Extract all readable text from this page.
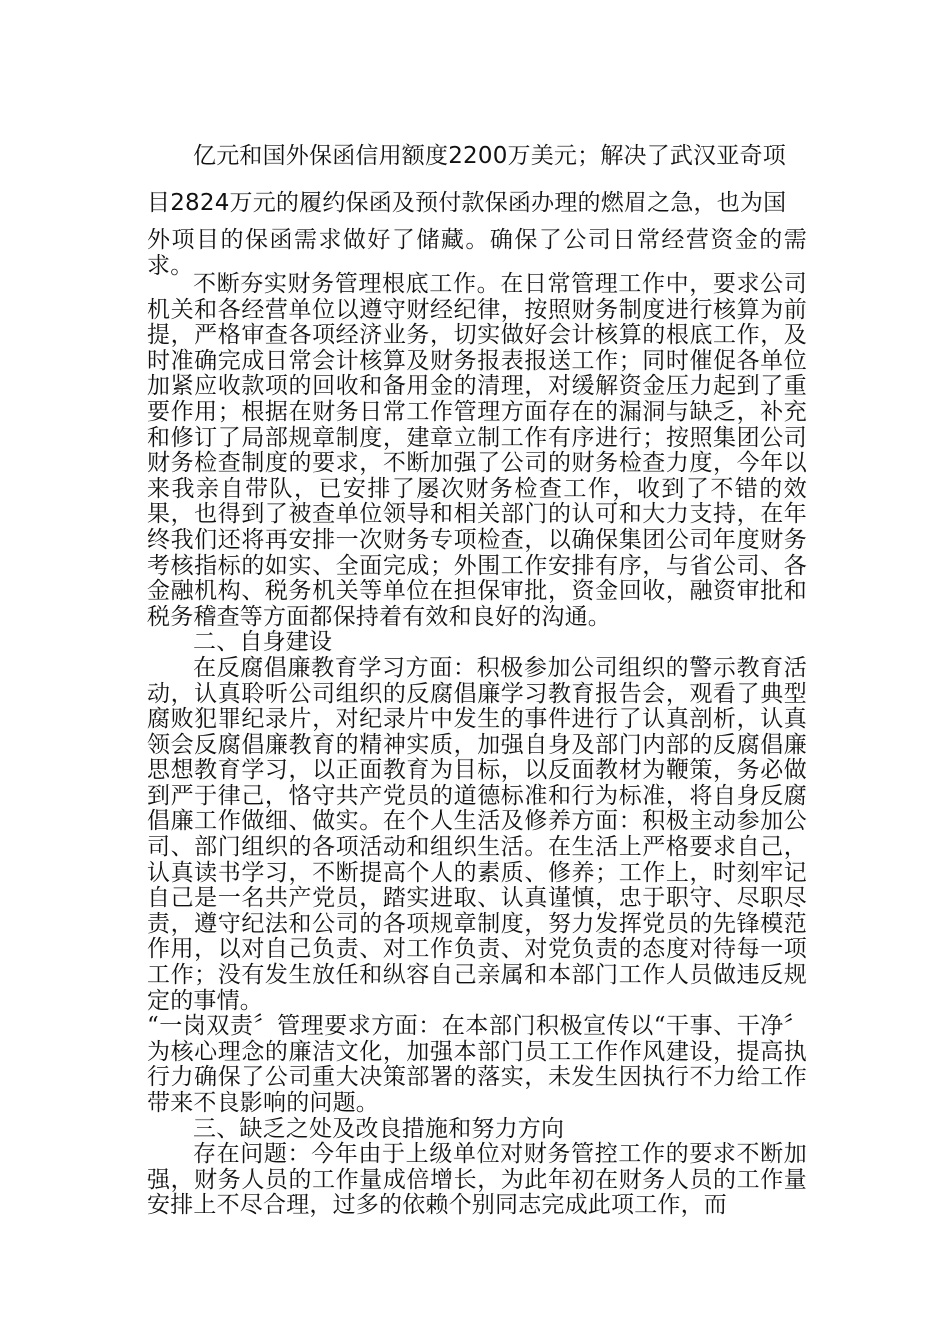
亿元和国外保函信用额度2200万美元；解决了武汉亚奇项
目2824万元的履约保函及预付款保函办理的燃眉之急，也为国
外项目的保函需求做好了储藏。确保了公司日常经营资金的需求。

不断夯实财务管理根底工作。在日常管理工作中，要求公司机关和各经营单位以遵守财经纪律，按照财务制度进行核算为前提，严格审查各项经济业务，切实做好会计核算的根底工作，及时准确完成日常会计核算及财务报表报送工作；同时催促各单位加紧应收款项的回收和备用金的清理，对缓解资金压力起到了重要作用；根据在财务日常工作管理方面存在的漏洞与缺乏，补充和修订了局部规章制度，建章立制工作有序进行；按照集团公司财务检查制度的要求，不断加强了公司的财务检查力度，今年以来我亲自带队，已安排了屡次财务检查工作，收到了不错的效果，也得到了被查单位领导和相关部门的认可和大力支持，在年终我们还将再安排一次财务专项检查，以确保集团公司年度财务考核指标的如实、全面完成；外围工作安排有序，与省公司、各金融机构、税务机关等单位在担保审批，资金回收，融资审批和税务稽查等方面都保持着有效和良好的沟通。

二、自身建设

在反腐倡廉教育学习方面：积极参加公司组织的警示教育活动，认真聆听公司组织的反腐倡廉学习教育报告会，观看了典型腐败犯罪纪录片，对纪录片中发生的事件进行了认真剖析，认真领会反腐倡廉教育的精神实质，加强自身及部门内部的反腐倡廉思想教育学习，以正面教育为目标，以反面教材为鞭策，务必做到严于律己，恪守共产党员的道德标准和行为标准，将自身反腐倡廉工作做细、做实。在个人生活及修养方面：积极主动参加公司、部门组织的各项活动和组织生活。在生活上严格要求自己，认真读书学习，不断提高个人的素质、修养；工作上，时刻牢记自己是一名共产党员，踏实进取、认真谨慎，忠于职守、尽职尽责，遵守纪法和公司的各项规章制度，努力发挥党员的先锋模范作用，以对自己负责、对工作负责、对党负责的态度对待每一项工作；没有发生放任和纵容自己亲属和本部门工作人员做违反规定的事情。

“一岗双责〞管理要求方面：在本部门积极宣传以“干事、干净〞为核心理念的廉洁文化，加强本部门员工工作作风建设，提高执行力确保了公司重大决策部署的落实，未发生因执行不力给工作带来不良影响的问题。

三、缺乏之处及改良措施和努力方向

存在问题：今年由于上级单位对财务管控工作的要求不断加强，财务人员的工作量成倍增长，为此年初在财务人员的工作量安排上不尽合理，过多的依赖个别同志完成此项工作，而
